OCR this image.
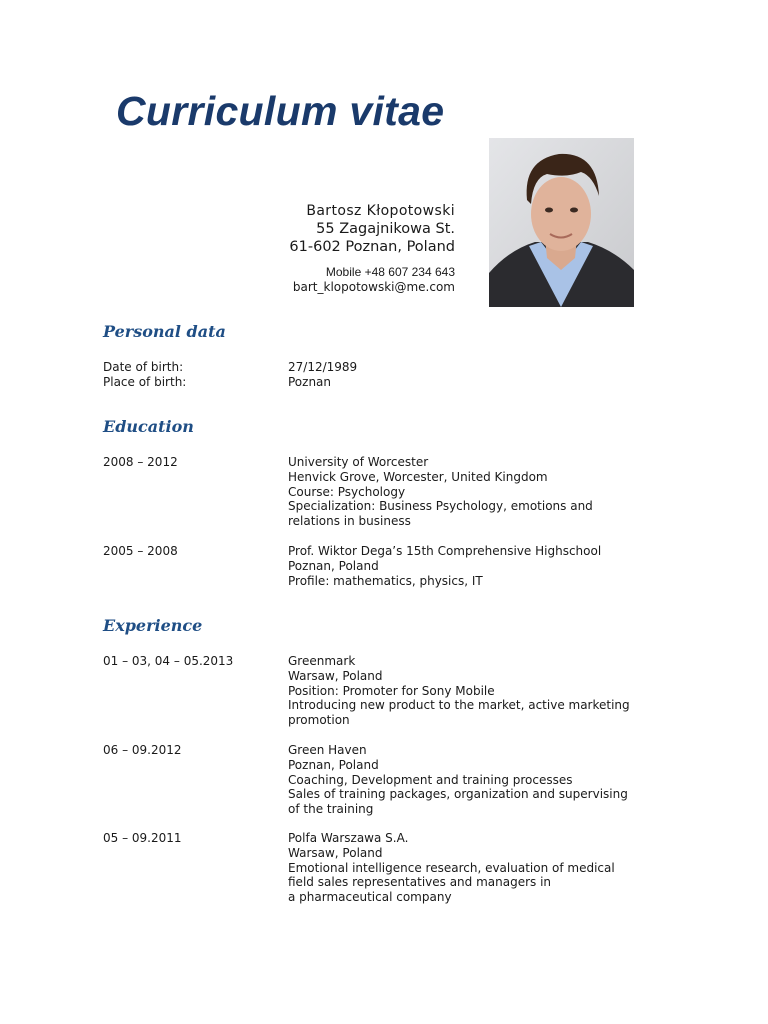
Curriculum vitae
Bartosz Kłopotowski
55 Zagajnikowa St.
61-602 Poznan, Poland
Mobile +48 607 234 643
bart_klopotowski@me.com
Personal data
Date of birth:	27/12/1989
Place of birth:	Poznan
Education
2008 – 2012	University of Worcester
Henvick Grove, Worcester, United Kingdom
Course: Psychology
Specialization: Business Psychology, emotions and
relations in business
2005 – 2008	Prof. Wiktor Dega’s 15th Comprehensive Highschool
Poznan, Poland
Profile: mathematics, physics, IT
Experience
01 – 03, 04 – 05.2013	Greenmark
Warsaw, Poland
Position: Promoter for Sony Mobile
Introducing new product to the market, active marketing
promotion
06 – 09.2012	Green Haven
Poznan, Poland
Coaching, Development and training processes
Sales of training packages, organization and supervising
of the training
05 – 09.2011	Polfa Warszawa S.A.
Warsaw, Poland
Emotional intelligence research, evaluation of medical
field sales representatives and managers in
a pharmaceutical company
